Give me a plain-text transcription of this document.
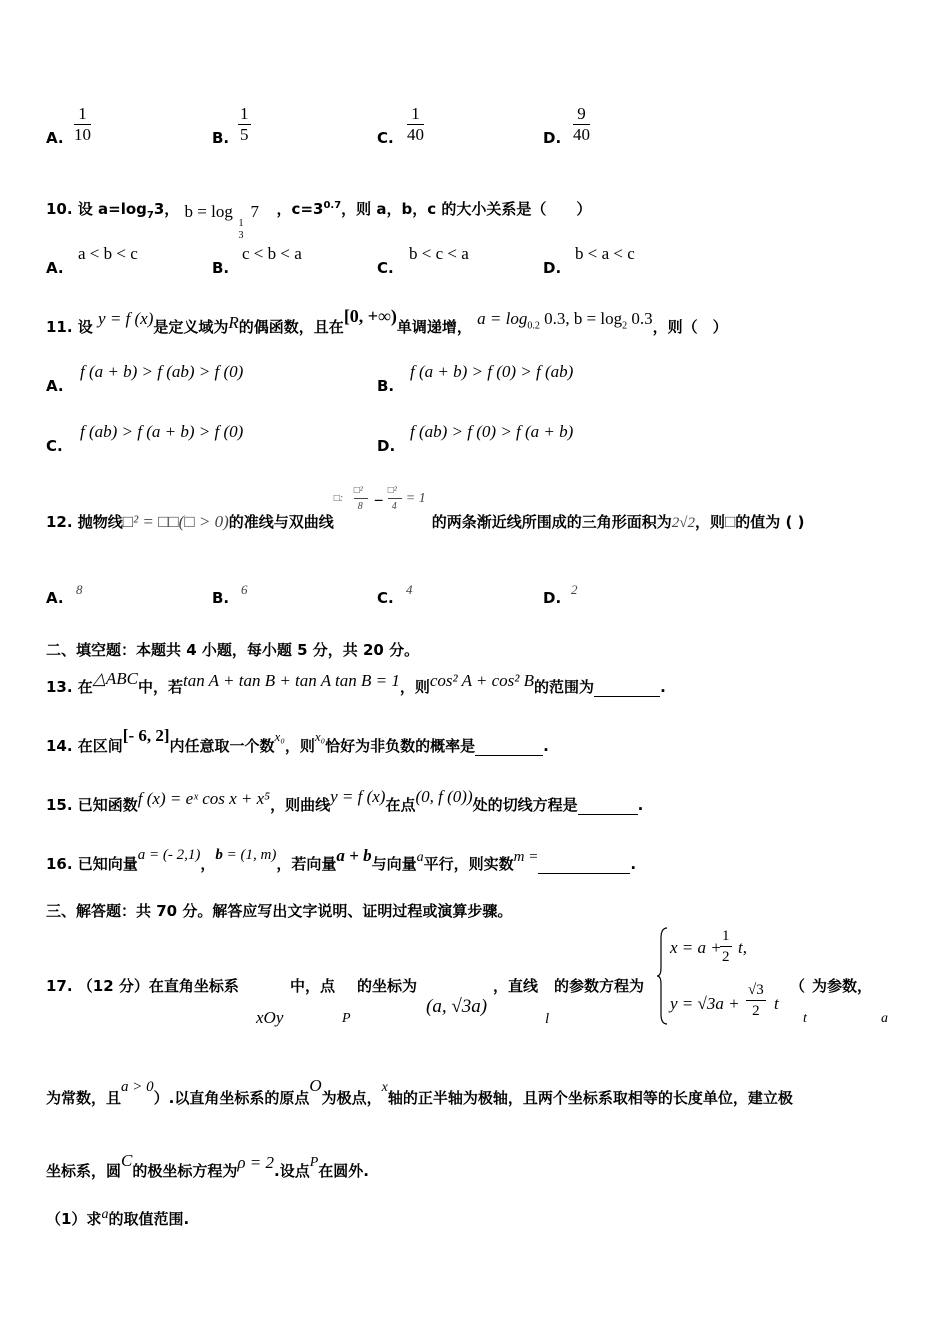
A. $\frac{1}{10}$	B. $\frac{1}{5}$	C. $\frac{1}{40}$	D. $\frac{9}{40}$
10. 设 $a=\log_73$， b = log
1
3
7 ，$c=3^{0.7}$，则 a，b，c 的大小关系是（　　）
A.
a < b < c
B.
c < b < a
C.
b < c < a
D.
b < a < c
11. 设 y = f (x)是定义域为R的偶函数，且在[0, +∞)单调递增， $a = \log_{0.2} 0.3$, $b = \log_2 0.3$，则（　）
A.
f (a + b) > f (ab) > f (0)
B.
f (a + b) > f (0) > f (ab)
C.
f (ab) > f (a + b) > f (0)
D.
f (ab) > f (0) > f (a + b)
12. 抛物线□² = □□(□ > 0)的准线与双曲线
□:
□²
8 −
□²
4
= 1
的两条渐近线所围成的三角形面积为2√2，则□的值为 ( )
A. 8	B. 6	C. 4	D. 2
二、填空题：本题共 4 小题，每小题 5 分，共 20 分。
13. 在△ABC中，若tan A + tan B + tan A tan B = 1，则cos² A + cos² B的范围为	.
14. 在区间[- 6, 2]内任意取一个数x₀，则x₀恰好为非负数的概率是	.
15. 已知函数f (x) = eˣ cos x + x⁵，则曲线y = f (x)在点(0, f (0))处的切线方程是	.
16. 已知向量a = (- 2,1)，b = (1, m)，若向量a + b与向量a平行，则实数m =	.
三、解答题：共 70 分。解答应写出文字说明、证明过程或演算步骤。
17. （12 分）在直角坐标系
xOy
中，点
P
的坐标为
(a, √3a)
，直线
l
的参数方程为
x = a +
$\frac{1}{2} t$,
$y = √3a + \frac{√3}{2}$ t
（
t
为参数，
a
为常数，且a > 0）.以直角坐标系的原点O为极点，x轴的正半轴为极轴，且两个坐标系取相等的长度单位，建立极
坐标系，圆C的极坐标方程为ρ = 2.设点P在圆外.
（1）求a的取值范围.
